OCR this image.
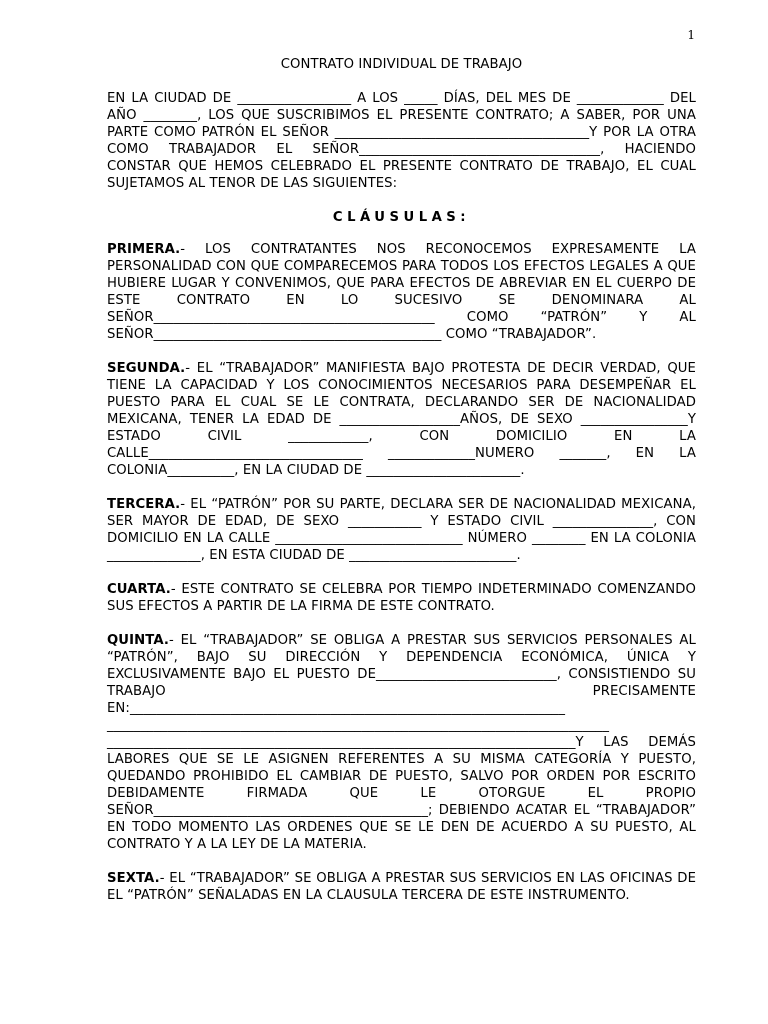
1
CONTRATO INDIVIDUAL DE TRABAJO
EN LA CIUDAD DE _________________ A LOS _____ DÍAS, DEL MES DE _____________ DEL AÑO ________, LOS QUE SUSCRIBIMOS EL PRESENTE CONTRATO; A SABER, POR UNA PARTE COMO PATRÓN EL SEÑOR ______________________________________Y POR LA OTRA COMO TRABAJADOR EL SEÑOR____________________________________, HACIENDO CONSTAR QUE HEMOS CELEBRADO EL PRESENTE CONTRATO DE TRABAJO, EL CUAL SUJETAMOS AL TENOR DE LAS SIGUIENTES:
CLÁUSULAS:
PRIMERA.- LOS CONTRATANTES NOS RECONOCEMOS EXPRESAMENTE LA PERSONALIDAD CON QUE COMPARECEMOS PARA TODOS LOS EFECTOS LEGALES A QUE HUBIERE LUGAR Y CONVENIMOS, QUE PARA EFECTOS DE ABREVIAR EN EL CUERPO DE ESTE CONTRATO EN LO SUCESIVO SE DENOMINARA AL SEÑOR__________________________________________ COMO “PATRÓN” Y AL SEÑOR___________________________________________ COMO “TRABAJADOR”.
SEGUNDA.- EL “TRABAJADOR” MANIFIESTA BAJO PROTESTA DE DECIR VERDAD, QUE TIENE LA CAPACIDAD Y LOS CONOCIMIENTOS NECESARIOS PARA DESEMPEÑAR EL PUESTO PARA EL CUAL SE LE CONTRATA, DECLARANDO SER DE NACIONALIDAD MEXICANA, TENER LA EDAD DE __________________AÑOS, DE SEXO ________________Y ESTADO CIVIL ____________, CON DOMICILIO EN LA CALLE________________________________ _____________NUMERO _______, EN LA COLONIA__________, EN LA CIUDAD DE _______________________.
TERCERA.- EL “PATRÓN” POR SU PARTE, DECLARA SER DE NACIONALIDAD MEXICANA, SER MAYOR DE EDAD, DE SEXO ___________ Y ESTADO CIVIL _______________, CON DOMICILIO EN LA CALLE ____________________________ NÚMERO ________ EN LA COLONIA ______________, EN ESTA CIUDAD DE _________________________.
CUARTA.- ESTE CONTRATO SE CELEBRA POR TIEMPO INDETERMINADO COMENZANDO SUS EFECTOS A PARTIR DE LA FIRMA DE ESTE CONTRATO.
QUINTA.- EL “TRABAJADOR” SE OBLIGA A PRESTAR SUS SERVICIOS PERSONALES AL “PATRÓN”, BAJO SU DIRECCIÓN Y DEPENDENCIA ECONÓMICA, ÚNICA Y EXCLUSIVAMENTE BAJO EL PUESTO DE___________________________, CONSISTIENDO SU TRABAJO PRECISAMENTE EN:_________________________________________________________________ ___________________________________________________________________________ ______________________________________________________________________Y LAS DEMÁS LABORES QUE SE LE ASIGNEN REFERENTES A SU MISMA CATEGORÍA Y PUESTO, QUEDANDO PROHIBIDO EL CAMBIAR DE PUESTO, SALVO POR ORDEN POR ESCRITO DEBIDAMENTE FIRMADA QUE LE OTORGUE EL PROPIO SEÑOR_________________________________________; DEBIENDO ACATAR EL “TRABAJADOR” EN TODO MOMENTO LAS ORDENES QUE SE LE DEN DE ACUERDO A SU PUESTO, AL CONTRATO Y A LA LEY DE LA MATERIA.
SEXTA.- EL “TRABAJADOR” SE OBLIGA A PRESTAR SUS SERVICIOS EN LAS OFICINAS DE EL “PATRÓN” SEÑALADAS EN LA CLAUSULA TERCERA DE ESTE INSTRUMENTO.
